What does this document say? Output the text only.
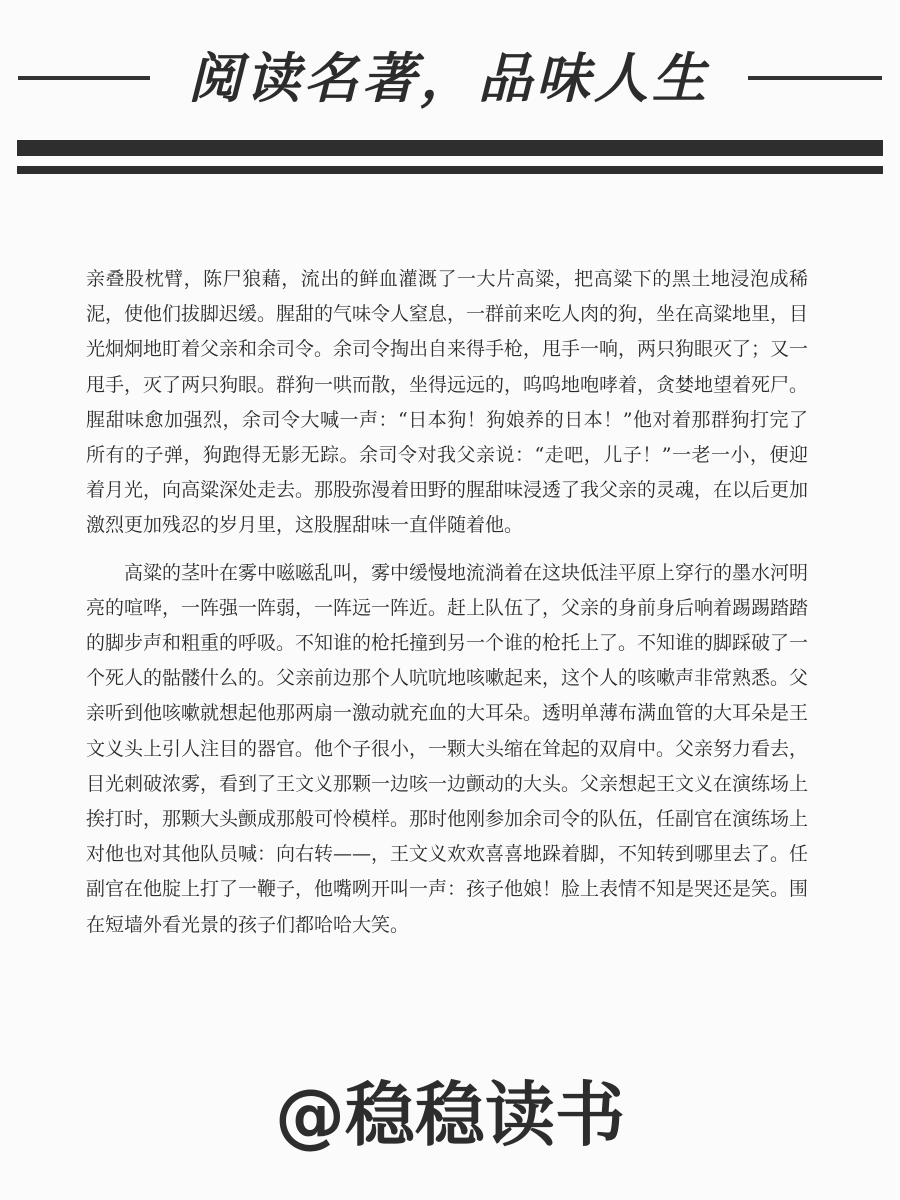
阅读名著，品味人生

亲叠股枕臂，陈尸狼藉，流出的鲜血灌溉了一大片高粱，把高粱下的黑土地浸泡成稀泥，使他们拔脚迟缓。腥甜的气味令人窒息，一群前来吃人肉的狗，坐在高粱地里，目光炯炯地盯着父亲和余司令。余司令掏出自来得手枪，甩手一响，两只狗眼灭了；又一甩手，灭了两只狗眼。群狗一哄而散，坐得远远的，呜呜地咆哮着，贪婪地望着死尸。腥甜味愈加强烈，余司令大喊一声：“日本狗！狗娘养的日本！”他对着那群狗打完了所有的子弹，狗跑得无影无踪。余司令对我父亲说：“走吧，儿子！”一老一小，便迎着月光，向高粱深处走去。那股弥漫着田野的腥甜味浸透了我父亲的灵魂，在以后更加激烈更加残忍的岁月里，这股腥甜味一直伴随着他。

高粱的茎叶在雾中嗞嗞乱叫，雾中缓慢地流淌着在这块低洼平原上穿行的墨水河明亮的喧哗，一阵强一阵弱，一阵远一阵近。赶上队伍了，父亲的身前身后响着踢踢踏踏的脚步声和粗重的呼吸。不知谁的枪托撞到另一个谁的枪托上了。不知谁的脚踩破了一个死人的骷髅什么的。父亲前边那个人吭吭地咳嗽起来，这个人的咳嗽声非常熟悉。父亲听到他咳嗽就想起他那两扇一激动就充血的大耳朵。透明单薄布满血管的大耳朵是王文义头上引人注目的器官。他个子很小，一颗大头缩在耸起的双肩中。父亲努力看去，目光刺破浓雾，看到了王文义那颗一边咳一边颤动的大头。父亲想起王文义在演练场上挨打时，那颗大头颤成那般可怜模样。那时他刚参加余司令的队伍，任副官在演练场上对他也对其他队员喊：向右转——，王文义欢欢喜喜地跺着脚，不知转到哪里去了。任副官在他腚上打了一鞭子，他嘴咧开叫一声：孩子他娘！脸上表情不知是哭还是笑。围在短墙外看光景的孩子们都哈哈大笑。

@稳稳读书
